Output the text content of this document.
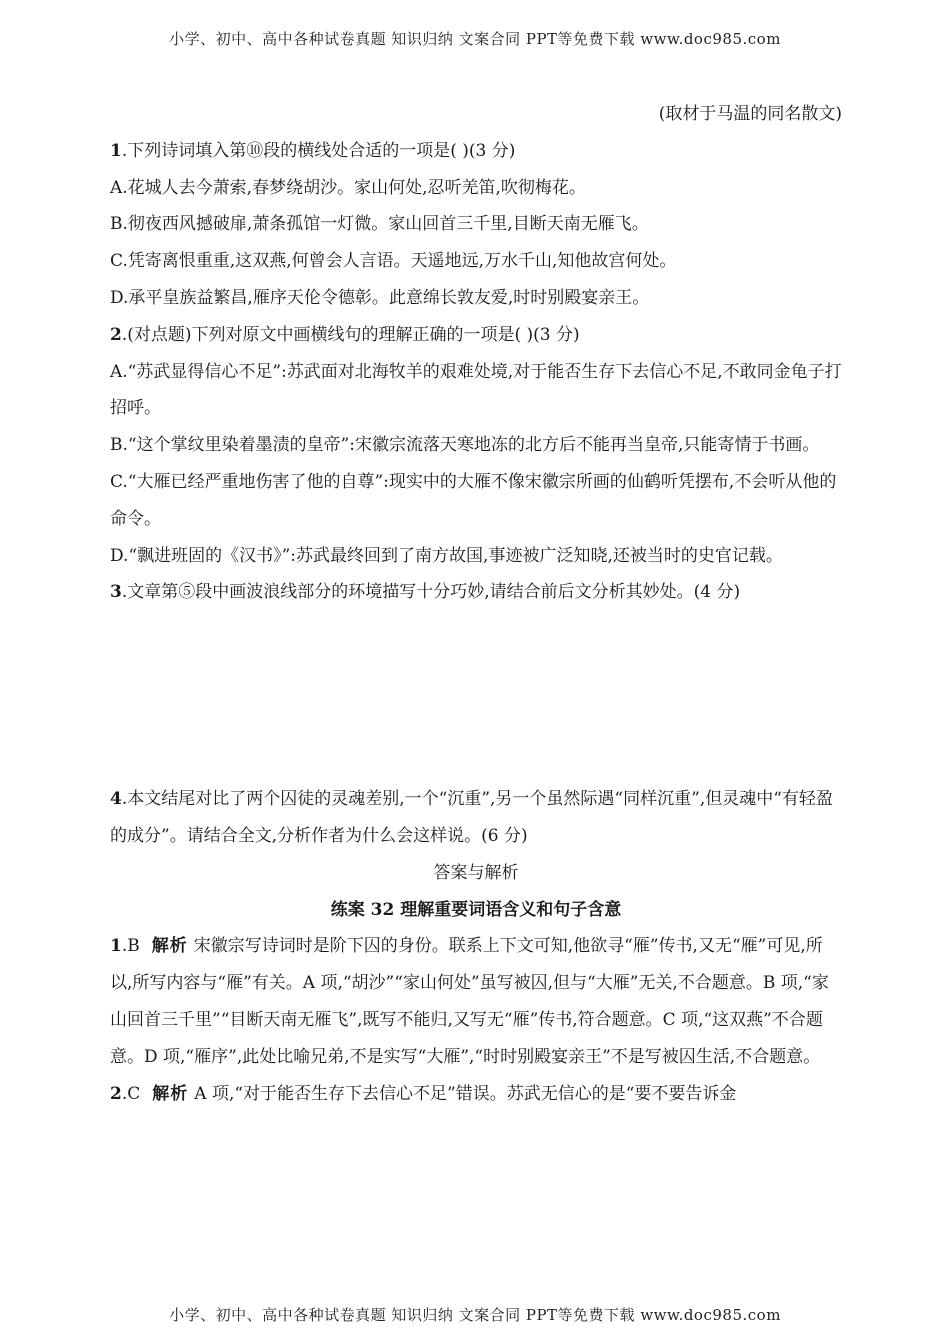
小学、初中、高中各种试卷真题 知识归纳 文案合同 PPT等免费下载 www.doc985.com

(取材于马温的同名散文)

1.下列诗词填入第⑩段的横线处合适的一项是( )(3 分)

A.花城人去今萧索,春梦绕胡沙。家山何处,忍听羌笛,吹彻梅花。

B.彻夜西风撼破扉,萧条孤馆一灯微。家山回首三千里,目断天南无雁飞。

C.凭寄离恨重重,这双燕,何曾会人言语。天遥地远,万水千山,知他故宫何处。

D.承平皇族益繁昌,雁序天伦令德彰。此意绵长敦友爱,时时别殿宴亲王。

2.(对点题)下列对原文中画横线句的理解正确的一项是( )(3 分)

A.“苏武显得信心不足”:苏武面对北海牧羊的艰难处境,对于能否生存下去信心不足,不敢同金龟子打招呼。

B.“这个掌纹里染着墨渍的皇帝”:宋徽宗流落天寒地冻的北方后不能再当皇帝,只能寄情于书画。

C.“大雁已经严重地伤害了他的自尊”:现实中的大雁不像宋徽宗所画的仙鹤听凭摆布,不会听从他的命令。

D.“飘进班固的《汉书》”:苏武最终回到了南方故国,事迹被广泛知晓,还被当时的史官记载。

3.文章第⑤段中画波浪线部分的环境描写十分巧妙,请结合前后文分析其妙处。(4 分)

4.本文结尾对比了两个囚徒的灵魂差别,一个“沉重”,另一个虽然际遇“同样沉重”,但灵魂中“有轻盈的成分”。请结合全文,分析作者为什么会这样说。(6 分)

答案与解析

练案 32 理解重要词语含义和句子含意

1.B 解析 宋徽宗写诗词时是阶下囚的身份。联系上下文可知,他欲寻“雁”传书,又无“雁”可见,所以,所写内容与“雁”有关。A 项,“胡沙”“家山何处”虽写被囚,但与“大雁”无关,不合题意。B 项,“家山回首三千里”“目断天南无雁飞”,既写不能归,又写无“雁”传书,符合题意。C 项,“这双燕”不合题意。D 项,“雁序”,此处比喻兄弟,不是实写“大雁”,“时时别殿宴亲王”不是写被囚生活,不合题意。

2.C 解析 A 项,“对于能否生存下去信心不足”错误。苏武无信心的是“要不要告诉金

小学、初中、高中各种试卷真题 知识归纳 文案合同 PPT等免费下载 www.doc985.com
